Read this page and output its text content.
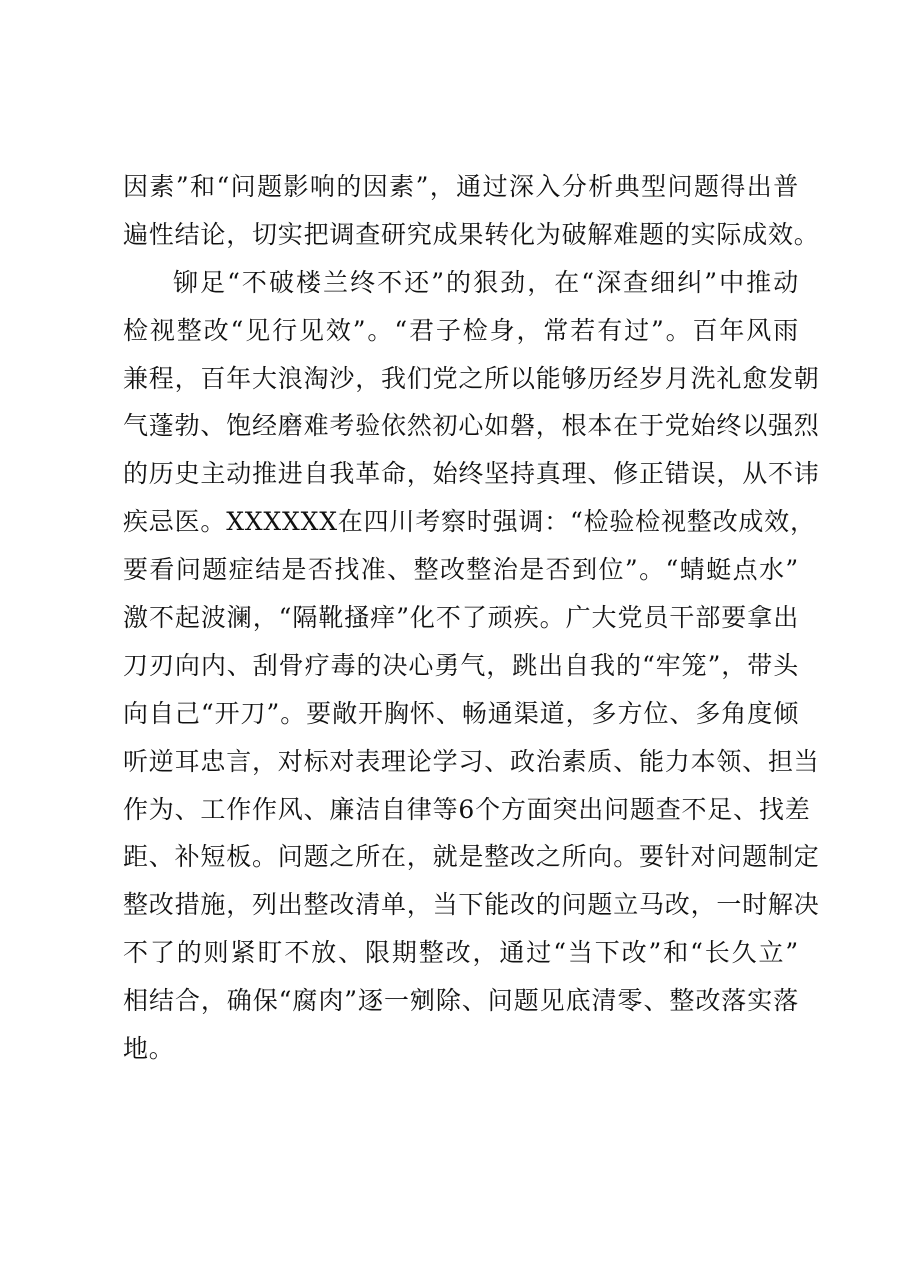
因素”和“问题影响的因素”，通过深入分析典型问题得出普
遍性结论，切实把调查研究成果转化为破解难题的实际成效。
铆足“不破楼兰终不还”的狠劲，在“深查细纠”中推动
检视整改“见行见效”。“君子检身，常若有过”。百年风雨
兼程，百年大浪淘沙，我们党之所以能够历经岁月洗礼愈发朝
气蓬勃、饱经磨难考验依然初心如磐，根本在于党始终以强烈
的历史主动推进自我革命，始终坚持真理、修正错误，从不讳
疾忌医。XXXXXX在四川考察时强调：“检验检视整改成效，
要看问题症结是否找准、整改整治是否到位”。“蜻蜓点水”
激不起波澜，“隔靴搔痒”化不了顽疾。广大党员干部要拿出
刀刃向内、刮骨疗毒的决心勇气，跳出自我的“牢笼”，带头
向自己“开刀”。要敞开胸怀、畅通渠道，多方位、多角度倾
听逆耳忠言，对标对表理论学习、政治素质、能力本领、担当
作为、工作作风、廉洁自律等6个方面突出问题查不足、找差
距、补短板。问题之所在，就是整改之所向。要针对问题制定
整改措施，列出整改清单，当下能改的问题立马改，一时解决
不了的则紧盯不放、限期整改，通过“当下改”和“长久立”
相结合，确保“腐肉”逐一剜除、问题见底清零、整改落实落
地。
